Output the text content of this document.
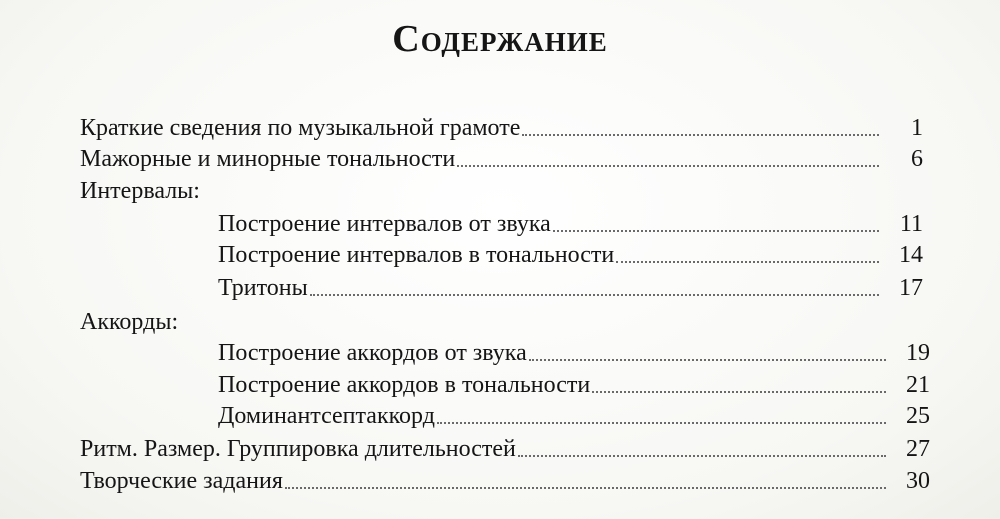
Содержание
Краткие сведения по музыкальной грамоте	1
Мажорные и минорные тональности	6
Интервалы:
Построение интервалов от звука	11
Построение интервалов в тональности	14
Тритоны	17
Аккорды:
Построение аккордов от звука	19
Построение аккордов в тональности	21
Доминантсептаккорд	25
Ритм. Размер. Группировка длительностей	27
Творческие задания	30
